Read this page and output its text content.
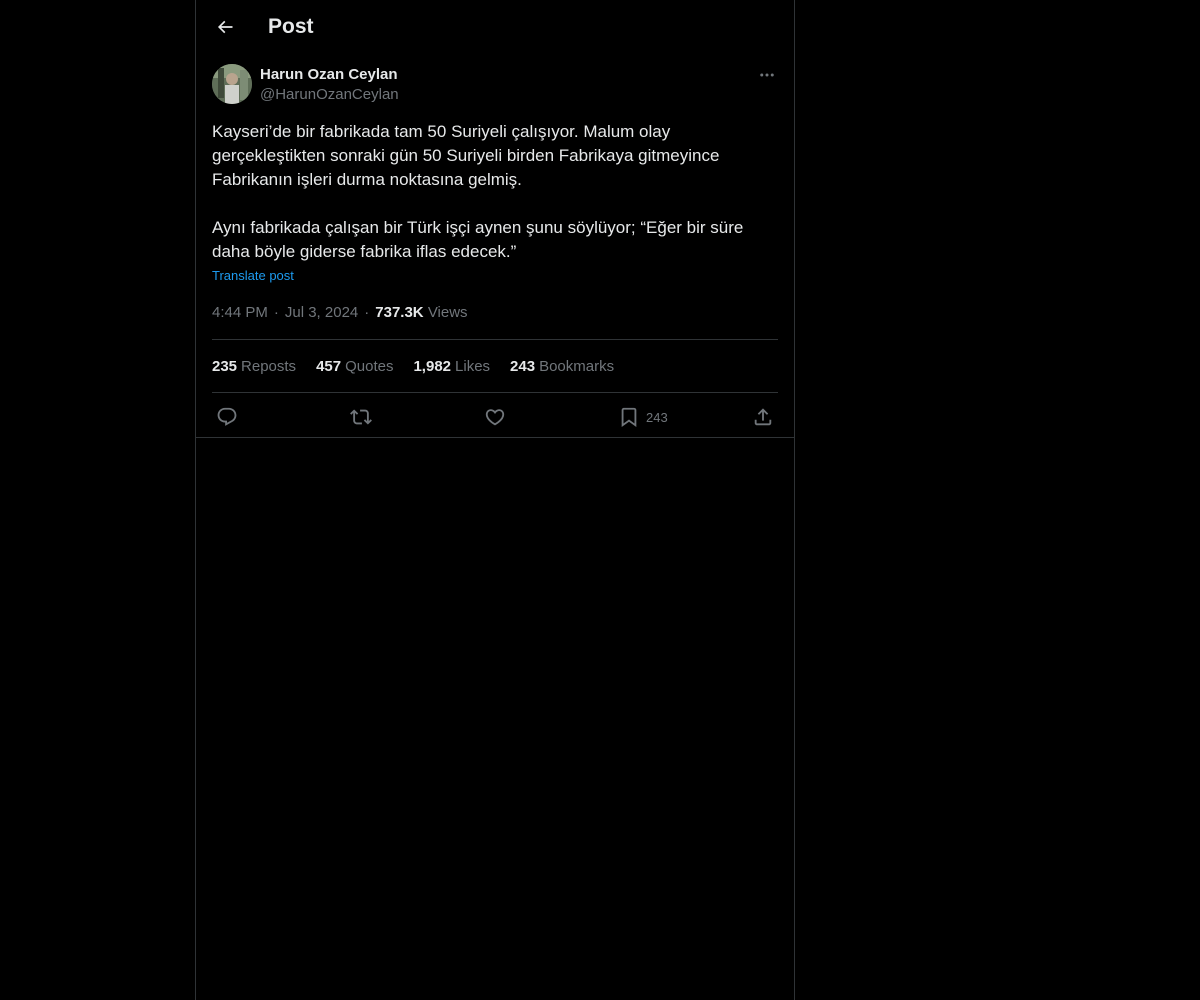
Post
Harun Ozan Ceylan
@HarunOzanCeylan
Kayseri’de bir fabrikada tam 50 Suriyeli çalışıyor. Malum olay gerçekleştikten sonraki gün 50 Suriyeli birden Fabrikaya gitmeyince Fabrikanın işleri durma noktasına gelmiş.

Aynı fabrikada çalışan bir Türk işçi aynen şunu söylüyor; “Eğer bir süre daha böyle giderse fabrika iflas edecek.”
Translate post
4:44 PM · Jul 3, 2024 · 737.3K Views
235 Reposts 457 Quotes 1,982 Likes 243 Bookmarks
243
